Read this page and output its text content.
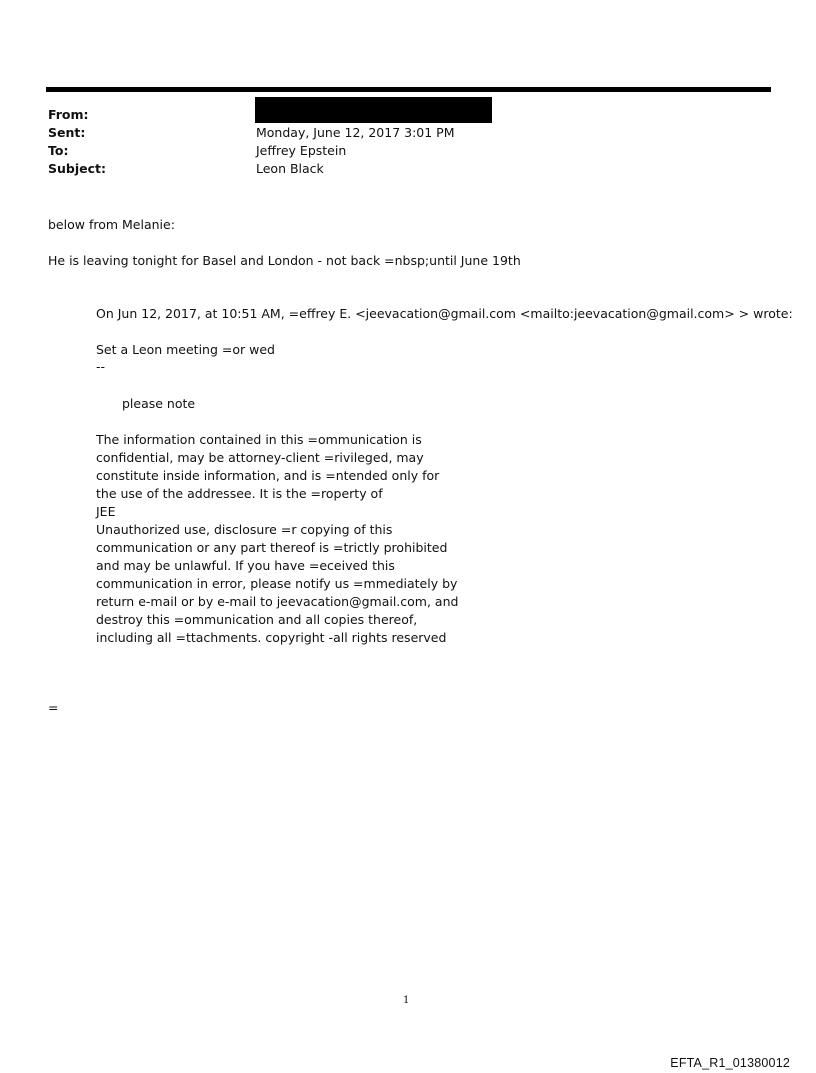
From:
Sent:	Monday, June 12, 2017 3:01 PM
To:	Jeffrey Epstein
Subject:	Leon Black
below from Melanie:
He is leaving tonight for Basel and London - not back =nbsp;until June 19th
On Jun 12, 2017, at 10:51 AM, =effrey E. <jeevacation@gmail.com <mailto:jeevacation@gmail.com> > wrote:
Set a Leon meeting =or wed
--
please note
The information contained in this =ommunication is
confidential, may be attorney-client =rivileged, may
constitute inside information, and is =ntended only for
the use of the addressee. It is the =roperty of
JEE
Unauthorized use, disclosure =r copying of this
communication or any part thereof is =trictly prohibited
and may be unlawful. If you have =eceived this
communication in error, please notify us =mmediately by
return e-mail or by e-mail to jeevacation@gmail.com, and
destroy this =ommunication and all copies thereof,
including all =ttachments. copyright -all rights reserved
=
1
EFTA_R1_01380012
